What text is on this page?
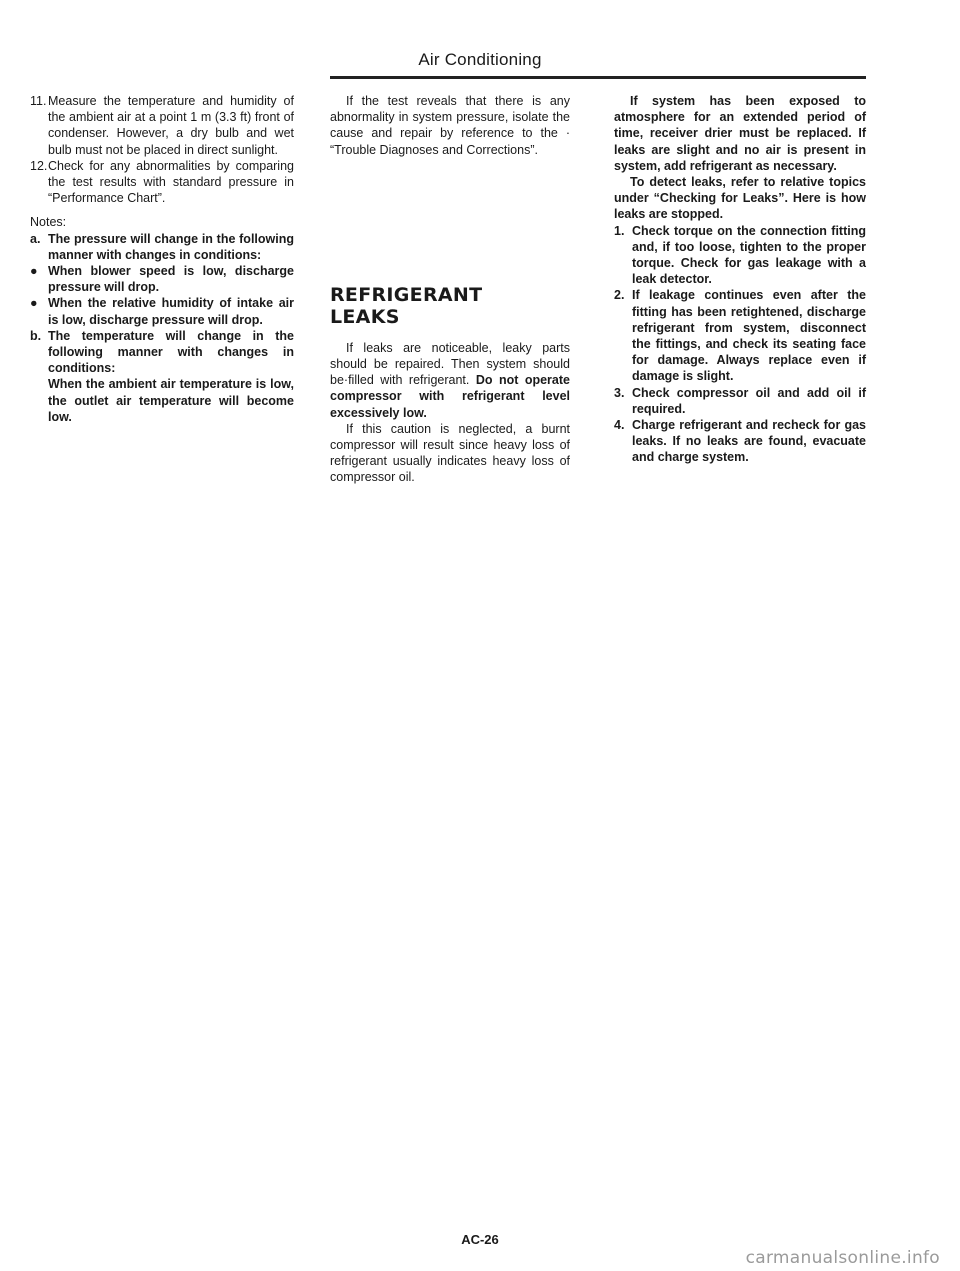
Air Conditioning
11. Measure the temperature and humidity of the ambient air at a point 1 m (3.3 ft) front of condenser. However, a dry bulb and wet bulb must not be placed in direct sunlight.
12. Check for any abnormalities by comparing the test results with standard pressure in “Performance Chart”.

Notes:

a. The pressure will change in the following manner with changes in conditions:
● When blower speed is low, discharge pressure will drop.
● When the relative humidity of intake air is low, discharge pressure will drop.
b. The temperature will change in the following manner with changes in conditions:

When the ambient air temperature is low, the outlet air temperature will become low.

If the test reveals that there is any abnormality in system pressure, isolate the cause and repair by reference to the · “Trouble Diagnoses and Corrections”.

REFRIGERANT
LEAKS

If leaks are noticeable, leaky parts should be repaired. Then system should be·filled with refrigerant. Do not operate compressor with refrigerant level excessively low.

If this caution is neglected, a burnt compressor will result since heavy loss of refrigerant usually indicates heavy loss of compressor oil.

If system has been exposed to atmosphere for an extended period of time, receiver drier must be replaced. If leaks are slight and no air is present in system, add refrigerant as necessary.

To detect leaks, refer to relative topics under “Checking for Leaks”. Here is how leaks are stopped.

1. Check torque on the connection fitting and, if too loose, tighten to the proper torque. Check for gas leakage with a leak detector.
2. If leakage continues even after the fitting has been retightened, discharge refrigerant from system, disconnect the fittings, and check its seating face for damage. Always replace even if damage is slight.
3. Check compressor oil and add oil if required.
4. Charge refrigerant and recheck for gas leaks. If no leaks are found, evacuate and charge system.
AC-26
carmanualsonline.info
